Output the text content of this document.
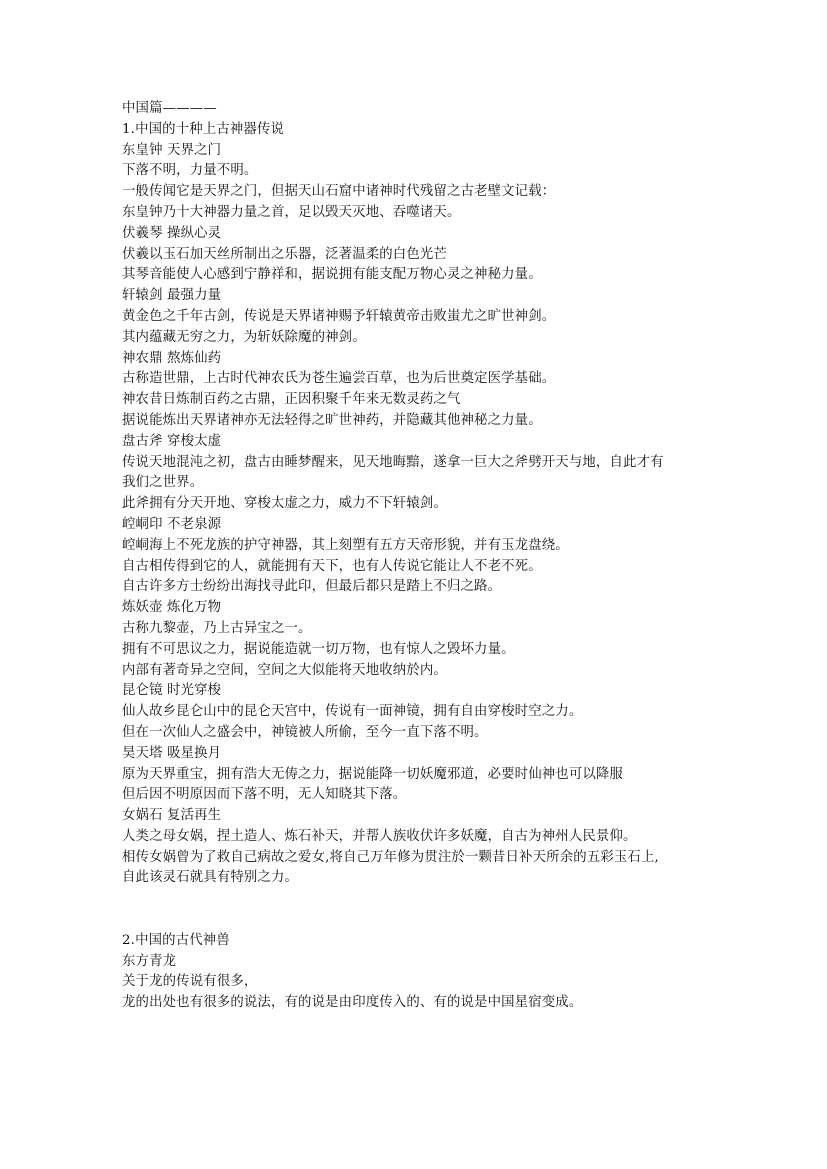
中国篇————
1.中国的十种上古神器传说
东皇钟 天界之门
下落不明，力量不明。
一般传闻它是天界之门，但据天山石窟中诸神时代残留之古老壁文记载：
东皇钟乃十大神器力量之首，足以毁天灭地、吞噬诸天。
伏羲琴 操纵心灵
伏羲以玉石加天丝所制出之乐器，泛著温柔的白色光芒
其琴音能使人心感到宁静祥和，据说拥有能支配万物心灵之神秘力量。
轩辕剑 最强力量
黄金色之千年古剑，传说是天界诸神赐予轩辕黄帝击败蚩尤之旷世神剑。
其内蕴藏无穷之力，为斩妖除魔的神剑。
神农鼎 熬炼仙药
古称造世鼎，上古时代神农氏为苍生遍尝百草，也为后世奠定医学基础。
神农昔日炼制百药之古鼎，正因积聚千年来无数灵药之气
据说能炼出天界诸神亦无法轻得之旷世神药，并隐藏其他神秘之力量。
盘古斧 穿梭太虚
传说天地混沌之初，盘古由睡梦醒来，见天地晦黯，遂拿一巨大之斧劈开天与地，自此才有
我们之世界。
此斧拥有分天开地、穿梭太虚之力，威力不下轩辕剑。
崆峒印 不老泉源
崆峒海上不死龙族的护守神器，其上刻塑有五方天帝形貌，并有玉龙盘绕。
自古相传得到它的人，就能拥有天下，也有人传说它能让人不老不死。
自古许多方士纷纷出海找寻此印，但最后都只是踏上不归之路。
炼妖壶 炼化万物
古称九黎壶，乃上古异宝之一。
拥有不可思议之力，据说能造就一切万物，也有惊人之毁坏力量。
内部有著奇异之空间，空间之大似能将天地收纳於内。
昆仑镜 时光穿梭
仙人故乡昆仑山中的昆仑天宫中，传说有一面神镜，拥有自由穿梭时空之力。
但在一次仙人之盛会中，神镜被人所偷，至今一直下落不明。
昊天塔 吸星换月
原为天界重宝，拥有浩大无俦之力，据说能降一切妖魔邪道，必要时仙神也可以降服
但后因不明原因而下落不明，无人知晓其下落。
女娲石 复活再生
人类之母女娲，捏土造人、炼石补天，并帮人族收伏许多妖魔，自古为神州人民景仰。
相传女娲曾为了救自己病故之爱女,将自己万年修为贯注於一颗昔日补天所余的五彩玉石上,
自此该灵石就具有特别之力。
2.中国的古代神兽
东方青龙
关于龙的传说有很多，
龙的出处也有很多的说法，有的说是由印度传入的、有的说是中国星宿变成。
